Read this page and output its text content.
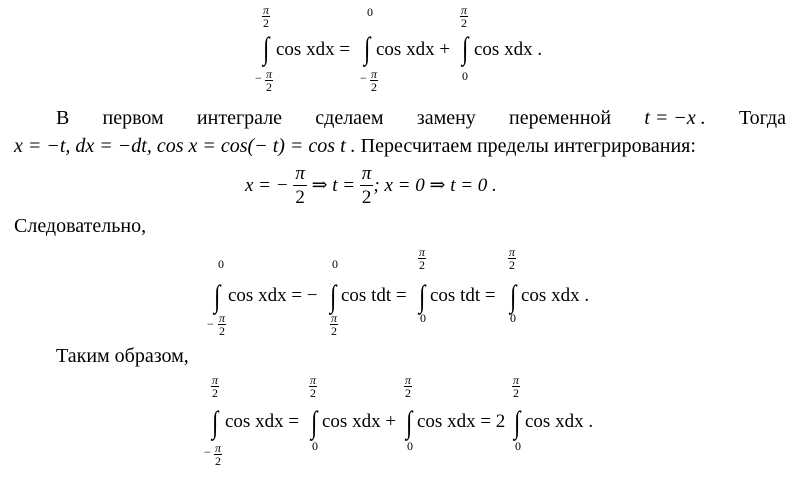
π
2
∫
− π
2
cos xdx =
0
∫
− π
2
cos xdx +
π
2
∫
0
cos xdx .
В первом интеграле сделаем замену переменной t = −x . Тогда
x = −t, dx = −dt, cos x = cos(− t) = cos t . Пересчитаем пределы интегрирования:
x = − $\frac{\pi}{2}$ ⇒ $t = \frac{\pi}{2}$ ; x = 0 ⇒ t = 0 .
Следовательно,
0
∫
− π
2
cos xdx = −
0
∫
π
2
cos tdt =
π
2
∫
0
cos tdt =
π
2
∫
0
cos xdx .
Таким образом,
π
2
∫
− π
2
cos xdx =
π
2
∫
0
cos xdx +
π
2
∫
0
cos xdx = 2
π
2
∫
0
cos xdx .
